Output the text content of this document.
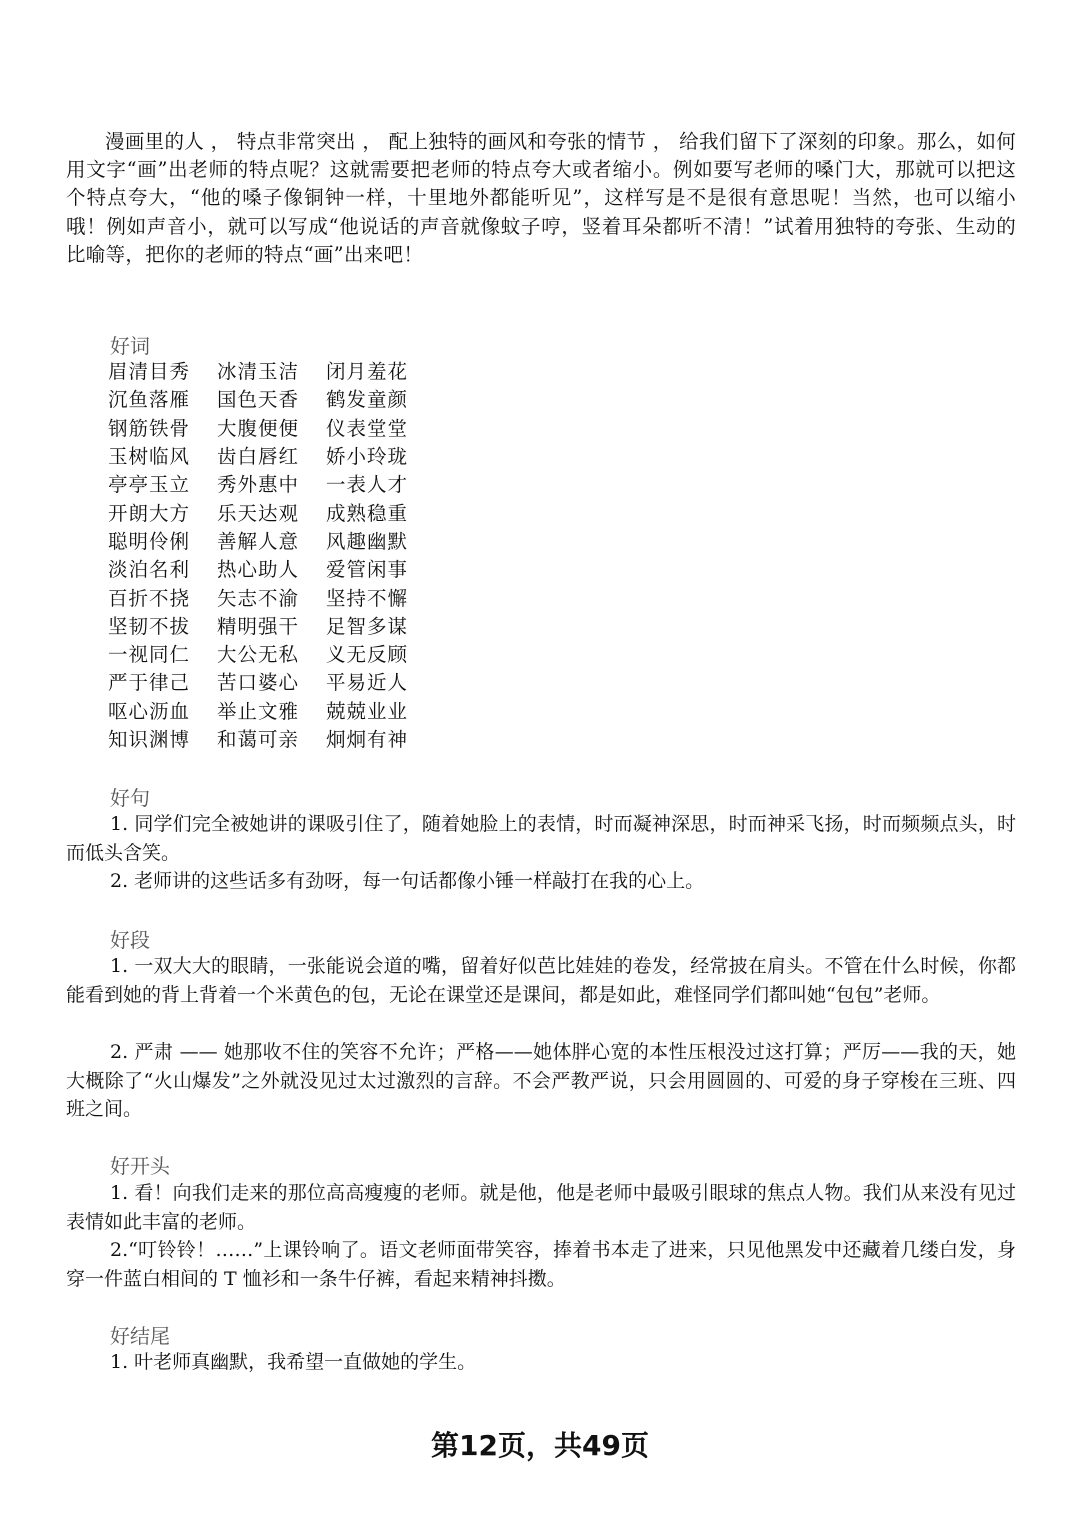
漫画里的人 ， 特点非常突出 ， 配上独特的画风和夸张的情节 ， 给我们留下了深刻的印象。那么，如何用文字“画”出老师的特点呢？这就需要把老师的特点夸大或者缩小。例如要写老师的嗓门大，那就可以把这个特点夸大，“他的嗓子像铜钟一样，十里地外都能听见”，这样写是不是很有意思呢！当然，也可以缩小哦！例如声音小，就可以写成“他说话的声音就像蚊子哼，竖着耳朵都听不清！”试着用独特的夸张、生动的比喻等，把你的老师的特点“画”出来吧！

好词
眉清目秀	冰清玉洁	闭月羞花
沉鱼落雁	国色天香	鹤发童颜
钢筋铁骨	大腹便便	仪表堂堂
玉树临风	齿白唇红	娇小玲珑
亭亭玉立	秀外惠中	一表人才
开朗大方	乐天达观	成熟稳重
聪明伶俐	善解人意	风趣幽默
淡泊名利	热心助人	爱管闲事
百折不挠	矢志不渝	坚持不懈
坚韧不拔	精明强干	足智多谋
一视同仁	大公无私	义无反顾
严于律己	苦口婆心	平易近人
呕心沥血	举止文雅	兢兢业业
知识渊博	和蔼可亲	炯炯有神
好句

1. 同学们完全被她讲的课吸引住了，随着她脸上的表情，时而凝神深思，时而神采飞扬，时而频频点头，时而低头含笑。

2. 老师讲的这些话多有劲呀，每一句话都像小锤一样敲打在我的心上。

好段

1. 一双大大的眼睛，一张能说会道的嘴，留着好似芭比娃娃的卷发，经常披在肩头。不管在什么时候，你都能看到她的背上背着一个米黄色的包，无论在课堂还是课间，都是如此，难怪同学们都叫她“包包”老师。

2. 严肃 —— 她那收不住的笑容不允许；严格——她体胖心宽的本性压根没过这打算；严厉——我的天，她大概除了“火山爆发”之外就没见过太过激烈的言辞。不会严教严说，只会用圆圆的、可爱的身子穿梭在三班、四班之间。

好开头

1. 看！向我们走来的那位高高瘦瘦的老师。就是他，他是老师中最吸引眼球的焦点人物。我们从来没有见过表情如此丰富的老师。

2.“叮铃铃！……”上课铃响了。语文老师面带笑容，捧着书本走了进来，只见他黑发中还藏着几缕白发，身穿一件蓝白相间的 T 恤衫和一条牛仔裤，看起来精神抖擞。

好结尾

1. 叶老师真幽默，我希望一直做她的学生。

第12页，共49页
